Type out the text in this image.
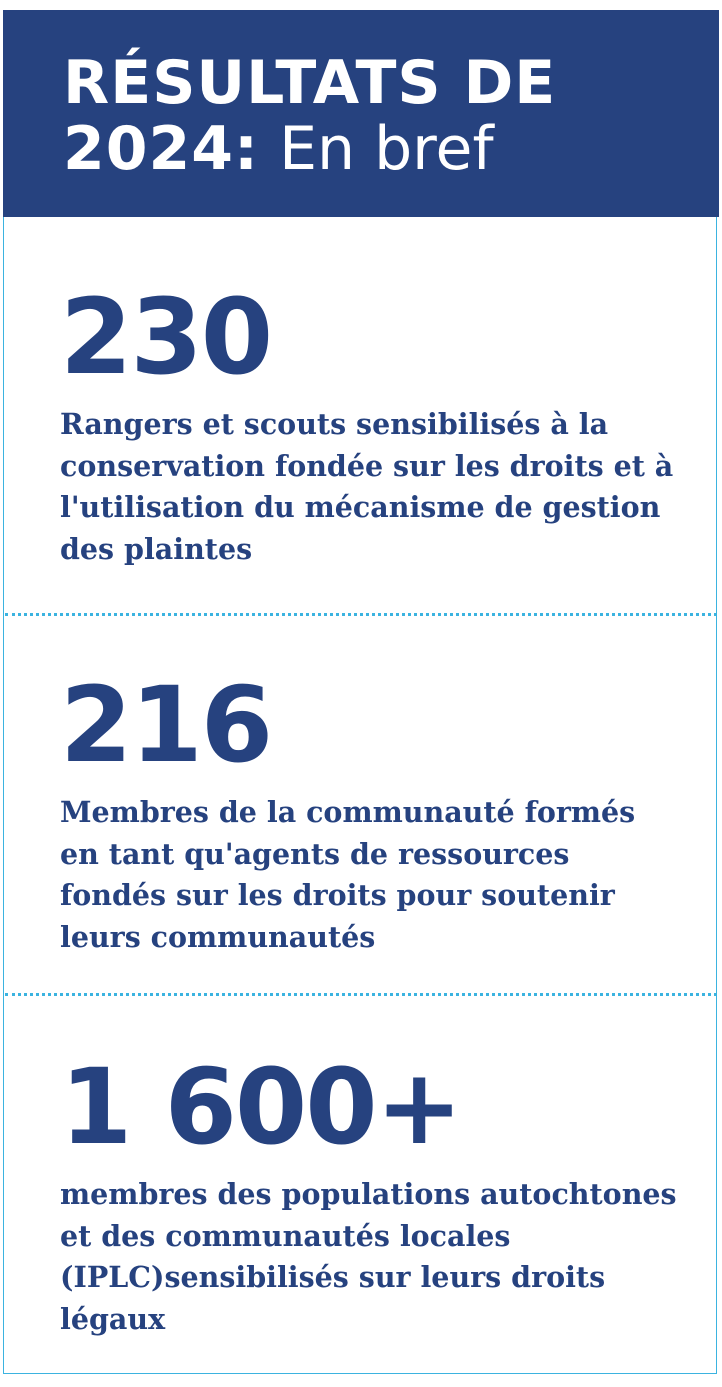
RÉSULTATS DE
2024: En bref
230
Rangers et scouts sensibilisés à la conservation fondée sur les droits et à l'utilisation du mécanisme de gestion des plaintes
216
Membres de la communauté formés en tant qu'agents de ressources fondés sur les droits pour soutenir leurs communautés
1 600+
membres des populations autochtones et des communautés locales (IPLC)sensibilisés sur leurs droits légaux
